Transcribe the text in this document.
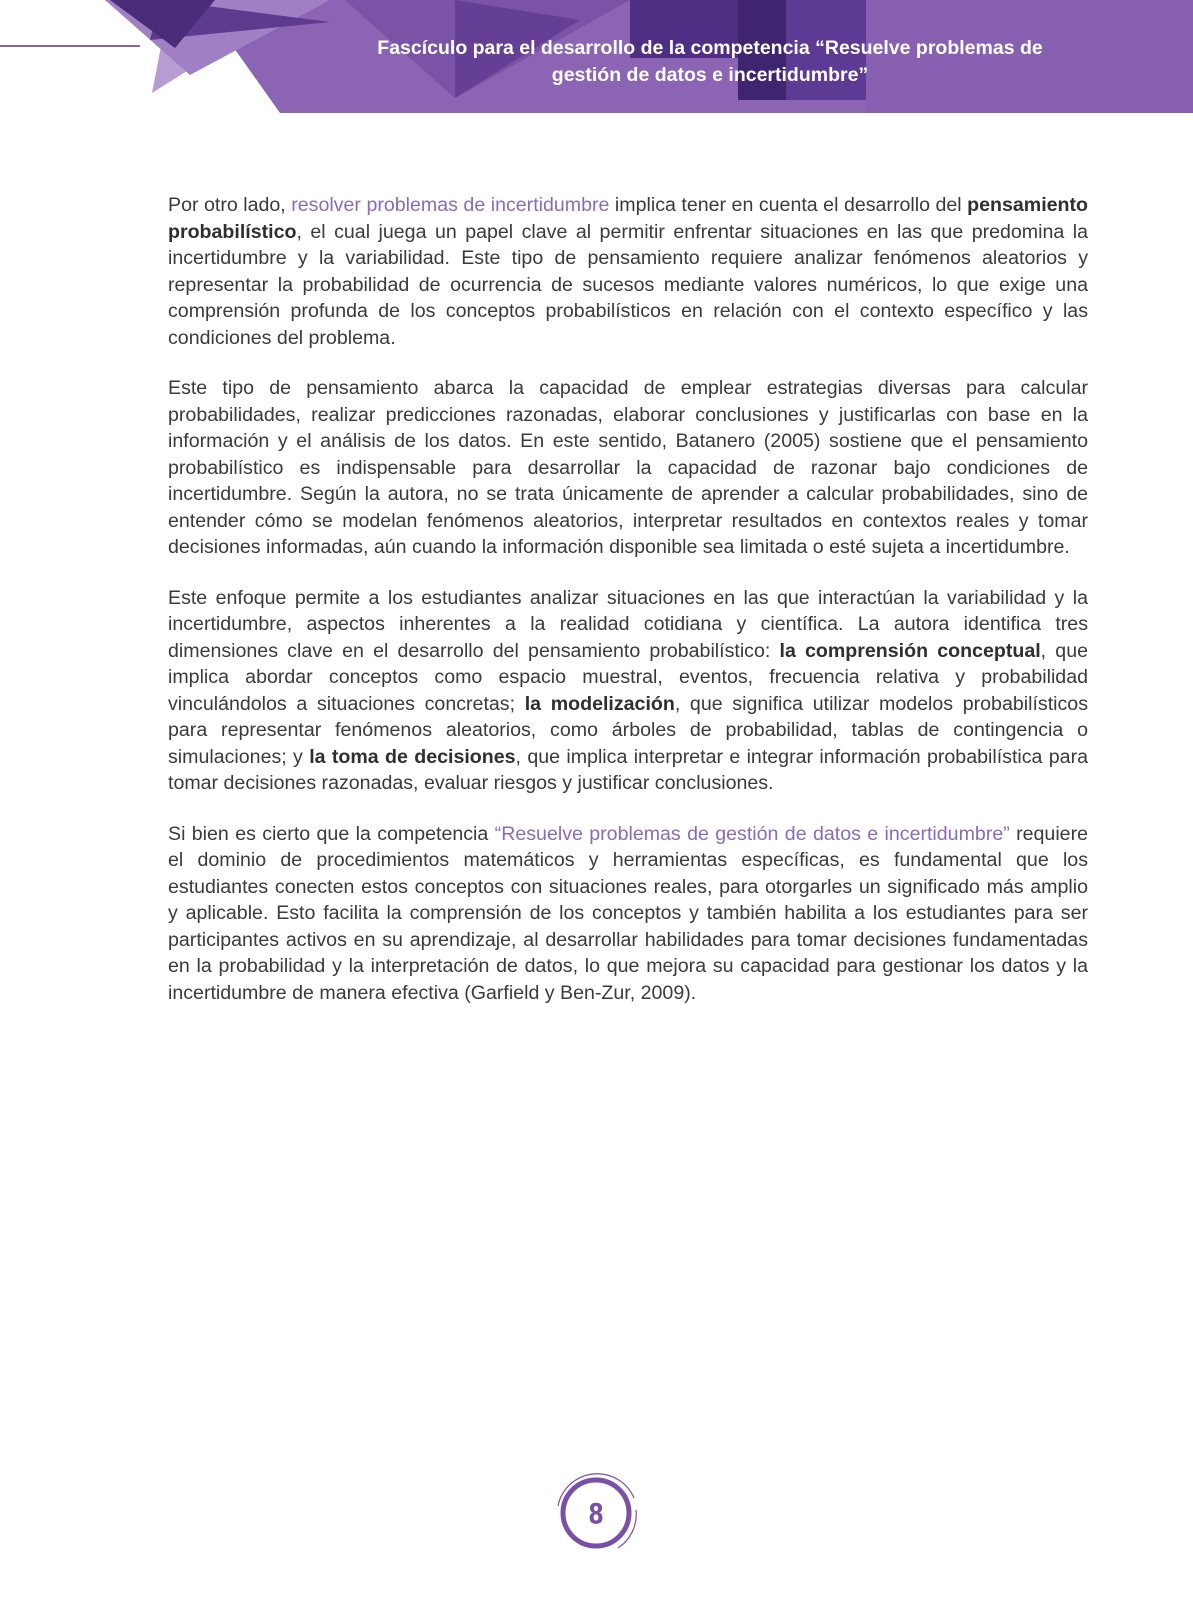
Fascículo para el desarrollo de la competencia “Resuelve problemas de
gestión de datos e incertidumbre”

Por otro lado, resolver problemas de incertidumbre implica tener en cuenta el desarrollo del pensamiento probabilístico, el cual juega un papel clave al permitir enfrentar situaciones en las que predomina la incertidumbre y la variabilidad. Este tipo de pensamiento requiere analizar fenómenos aleatorios y representar la probabilidad de ocurrencia de sucesos mediante valores numéricos, lo que exige una comprensión profunda de los conceptos probabilísticos en relación con el contexto específico y las condiciones del problema.

Este tipo de pensamiento abarca la capacidad de emplear estrategias diversas para calcular probabilidades, realizar predicciones razonadas, elaborar conclusiones y justificarlas con base en la información y el análisis de los datos. En este sentido, Batanero (2005) sostiene que el pensamiento probabilístico es indispensable para desarrollar la capacidad de razonar bajo condiciones de incertidumbre. Según la autora, no se trata únicamente de aprender a calcular probabilidades, sino de entender cómo se modelan fenómenos aleatorios, interpretar resultados en contextos reales y tomar decisiones informadas, aún cuando la información disponible sea limitada o esté sujeta a incertidumbre.

Este enfoque permite a los estudiantes analizar situaciones en las que interactúan la variabilidad y la incertidumbre, aspectos inherentes a la realidad cotidiana y científica. La autora identifica tres dimensiones clave en el desarrollo del pensamiento probabilístico: la comprensión conceptual, que implica abordar conceptos como espacio muestral, eventos, frecuencia relativa y probabilidad vinculándolos a situaciones concretas; la modelización, que significa utilizar modelos probabilísticos para representar fenómenos aleatorios, como árboles de probabilidad, tablas de contingencia o simulaciones; y la toma de decisiones, que implica interpretar e integrar información probabilística para tomar decisiones razonadas, evaluar riesgos y justificar conclusiones.

Si bien es cierto que la competencia “Resuelve problemas de gestión de datos e incertidumbre” requiere el dominio de procedimientos matemáticos y herramientas específicas, es fundamental que los estudiantes conecten estos conceptos con situaciones reales, para otorgarles un significado más amplio y aplicable. Esto facilita la comprensión de los conceptos y también habilita a los estudiantes para ser participantes activos en su aprendizaje, al desarrollar habilidades para tomar decisiones fundamentadas en la probabilidad y la interpretación de datos, lo que mejora su capacidad para gestionar los datos y la incertidumbre de manera efectiva (Garfield y Ben-Zur, 2009).

8
